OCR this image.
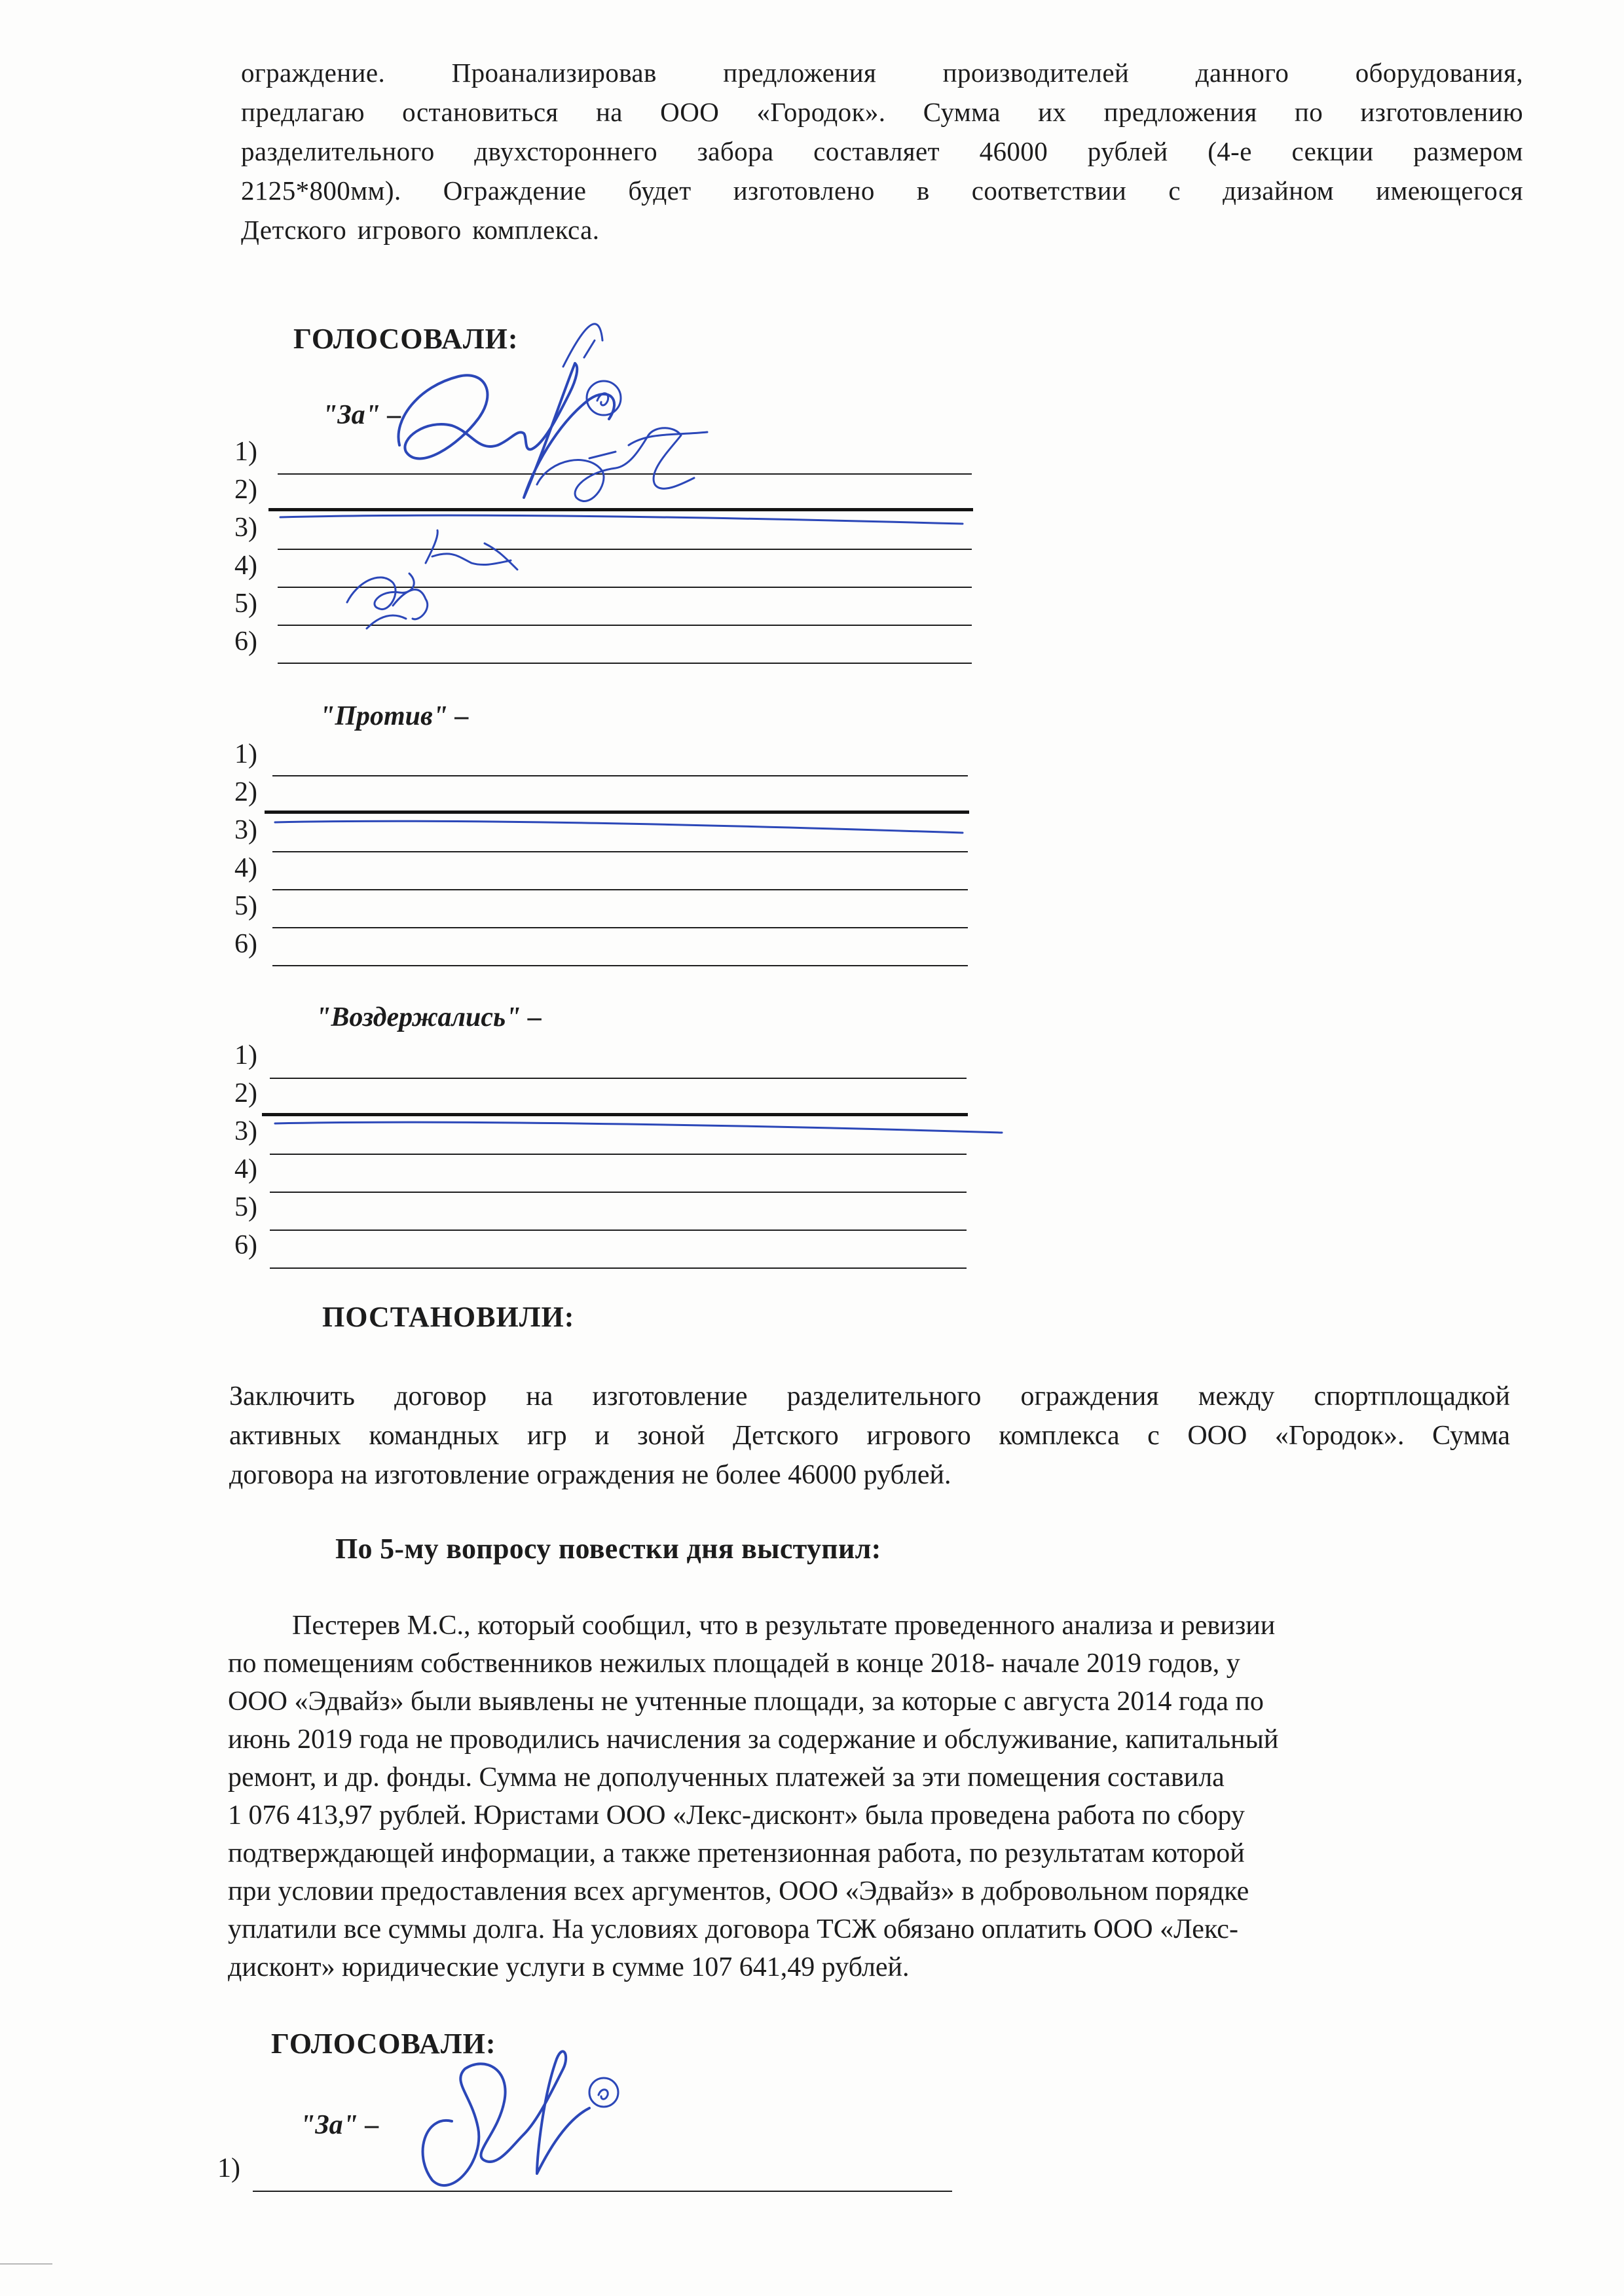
ограждение. Проанализировав предложения производителей данного оборудования,

предлагаю остановиться на ООО «Городок». Сумма их предложения по изготовлению

разделительного двухстороннего забора составляет 46000 рублей (4-е секции размером

2125*800мм). Ограждение будет изготовлено в соответствии с дизайном имеющегося

Детского игрового комплекса.

ГОЛОСОВАЛИ:

"За" –

1)
2)
3)
4)
5)
6)

"Против" –

1)
2)
3)
4)
5)
6)

"Воздержались" –

1)
2)
3)
4)
5)
6)

ПОСТАНОВИЛИ:

Заключить договор на изготовление разделительного ограждения между спортплощадкой

активных командных игр и зоной Детского игрового комплекса с ООО «Городок». Сумма

договора на изготовление ограждения не более 46000 рублей.

По 5-му вопросу повестки дня выступил:

Пестерев М.С., который сообщил, что в результате проведенного анализа и ревизии

по помещениям собственников нежилых площадей в конце 2018- начале 2019 годов, у

ООО «Эдвайз» были выявлены не учтенные площади, за которые с августа 2014 года по

июнь 2019 года не проводились начисления за содержание и обслуживание, капитальный

ремонт, и др. фонды. Сумма не дополученных платежей за эти помещения составила

1 076 413,97 рублей. Юристами ООО «Лекс-дисконт» была проведена работа по сбору

подтверждающей информации, а также претензионная работа, по результатам которой

при условии предоставления всех аргументов, ООО «Эдвайз» в добровольном порядке

уплатили все суммы долга. На условиях договора ТСЖ обязано оплатить ООО «Лекс-

дисконт» юридические услуги в сумме 107 641,49 рублей.

ГОЛОСОВАЛИ:

"За" –

1)
